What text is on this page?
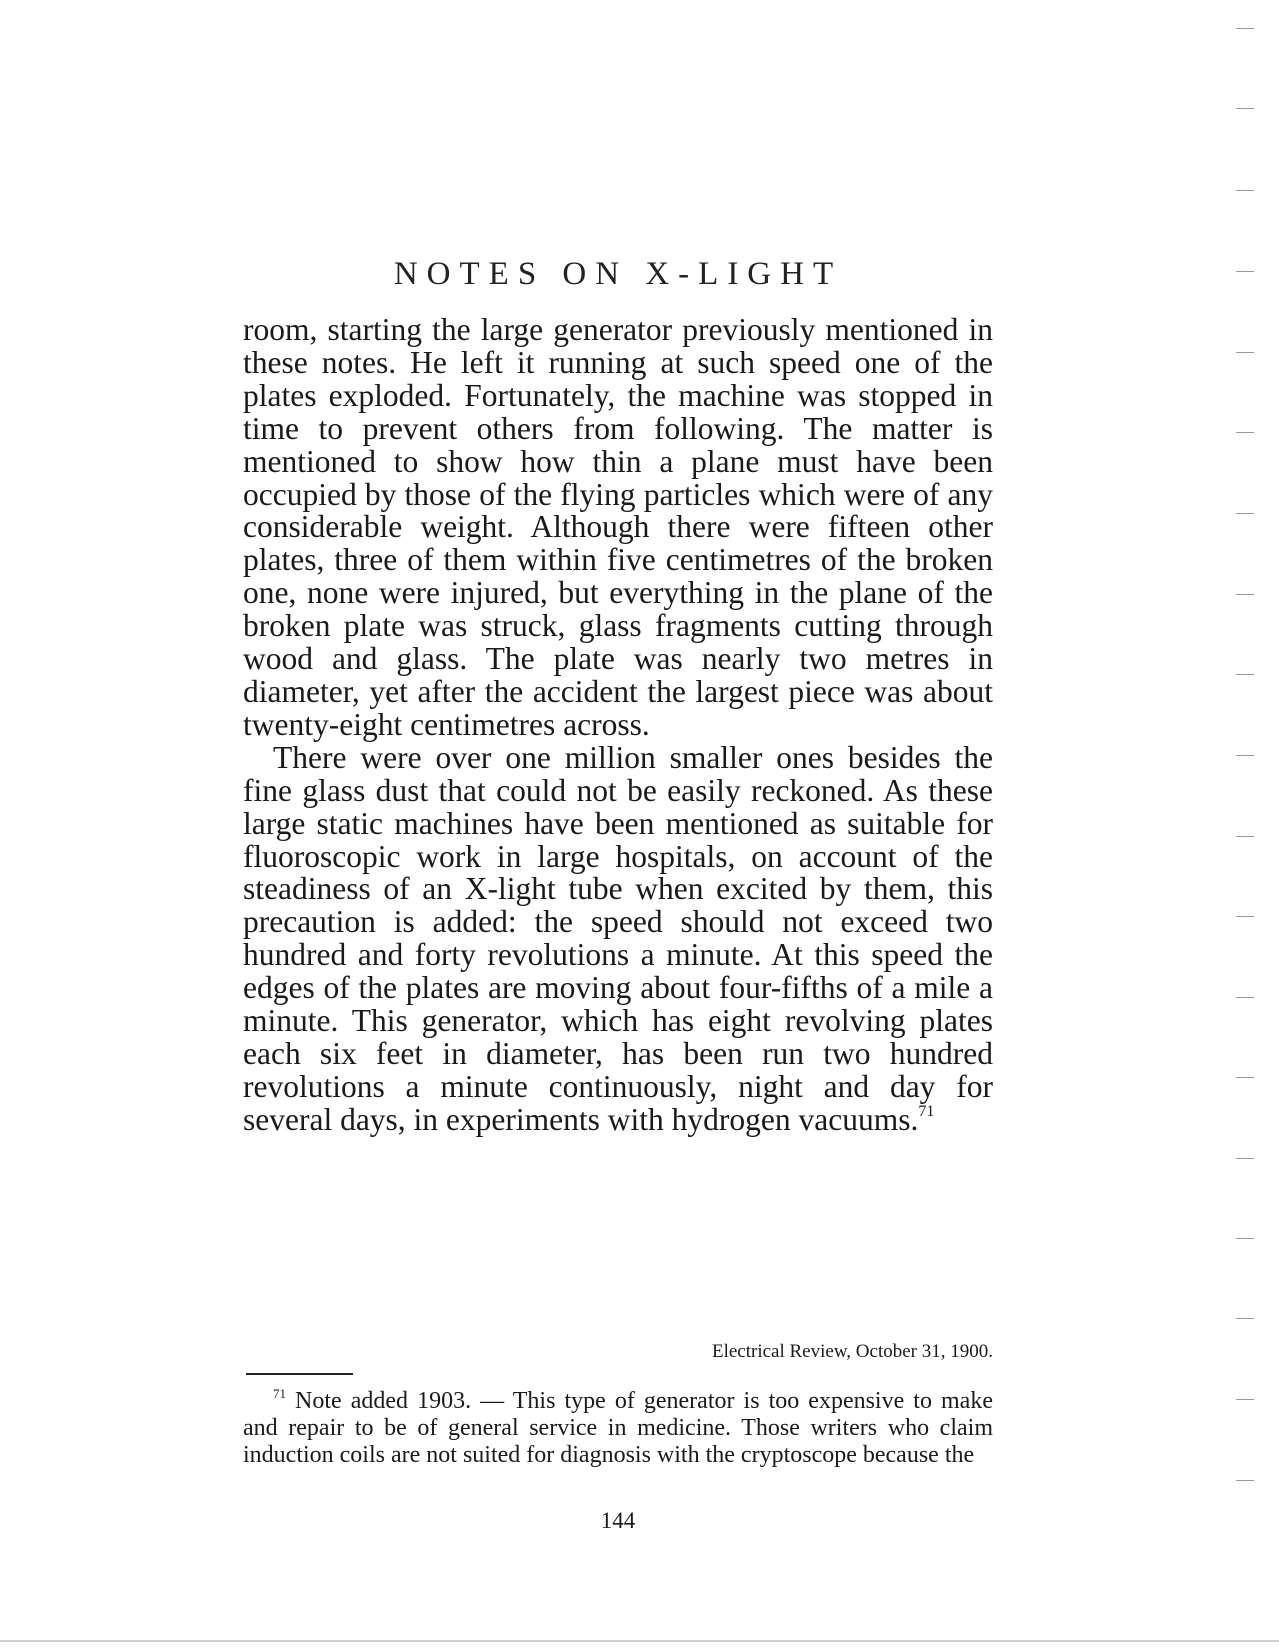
NOTES ON X-LIGHT

room, starting the large generator previously mentioned in these notes. He left it running at such speed one of the plates exploded. Fortunately, the machine was stopped in time to prevent others from following. The matter is mentioned to show how thin a plane must have been occupied by those of the flying particles which were of any considerable weight. Although there were fifteen other plates, three of them within five centimetres of the broken one, none were injured, but everything in the plane of the broken plate was struck, glass fragments cutting through wood and glass. The plate was nearly two metres in diameter, yet after the accident the largest piece was about twenty-eight centimetres across.

There were over one million smaller ones besides the fine glass dust that could not be easily reckoned. As these large static machines have been mentioned as suitable for fluoroscopic work in large hospitals, on account of the steadiness of an X-light tube when excited by them, this precaution is added: the speed should not exceed two hundred and forty revolutions a minute. At this speed the edges of the plates are moving about four-fifths of a mile a minute. This generator, which has eight revolving plates each six feet in diameter, has been run two hundred revolutions a minute continuously, night and day for several days, in experiments with hydrogen vacuums.$^{71}$

Electrical Review, October 31, 1900.
$^{71}$ Note added 1903. — This type of generator is too expensive to make and repair to be of general service in medicine. Those writers who claim induction coils are not suited for diagnosis with the cryptoscope because the
144
